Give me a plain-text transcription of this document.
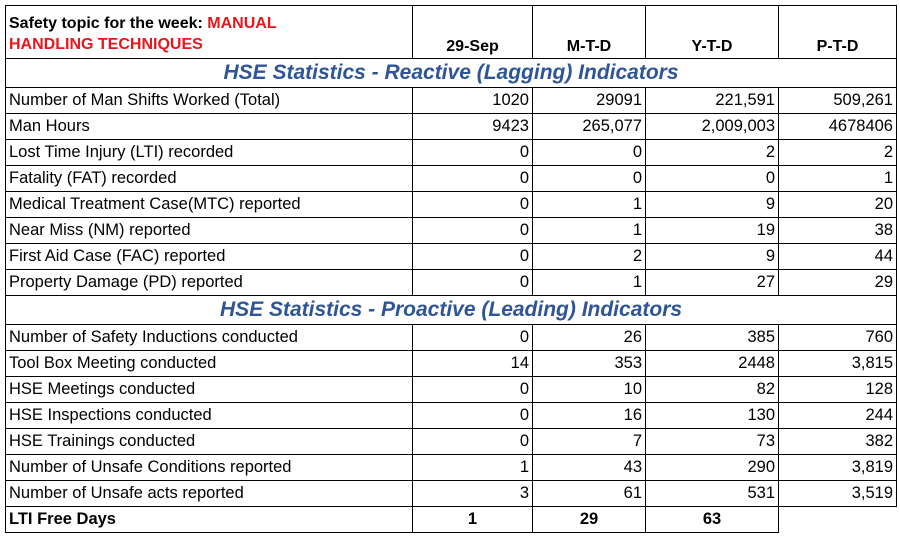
Safety topic for the week: MANUAL
HANDLING TECHNIQUES	29-Sep	M-T-D	Y-T-D	P-T-D
HSE Statistics - Reactive (Lagging) Indicators				
Number of Man Shifts Worked (Total)	1020	29091	221,591	509,261
Man Hours	9423	265,077	2,009,003	4678406
Lost Time Injury (LTI) recorded	0	0	2	2
Fatality (FAT) recorded	0	0	0	1
Medical Treatment Case(MTC) reported	0	1	9	20
Near Miss (NM) reported	0	1	19	38
First Aid Case (FAC) reported	0	2	9	44
Property Damage (PD) reported	0	1	27	29
HSE Statistics - Proactive (Leading) Indicators				
Number of Safety Inductions conducted	0	26	385	760
Tool Box Meeting conducted	14	353	2448	3,815
HSE Meetings conducted	0	10	82	128
HSE Inspections conducted	0	16	130	244
HSE Trainings conducted	0	7	73	382
Number of Unsafe Conditions reported	1	43	290	3,819
Number of Unsafe acts reported	3	61	531	3,519
LTI Free Days	1	29	63	
